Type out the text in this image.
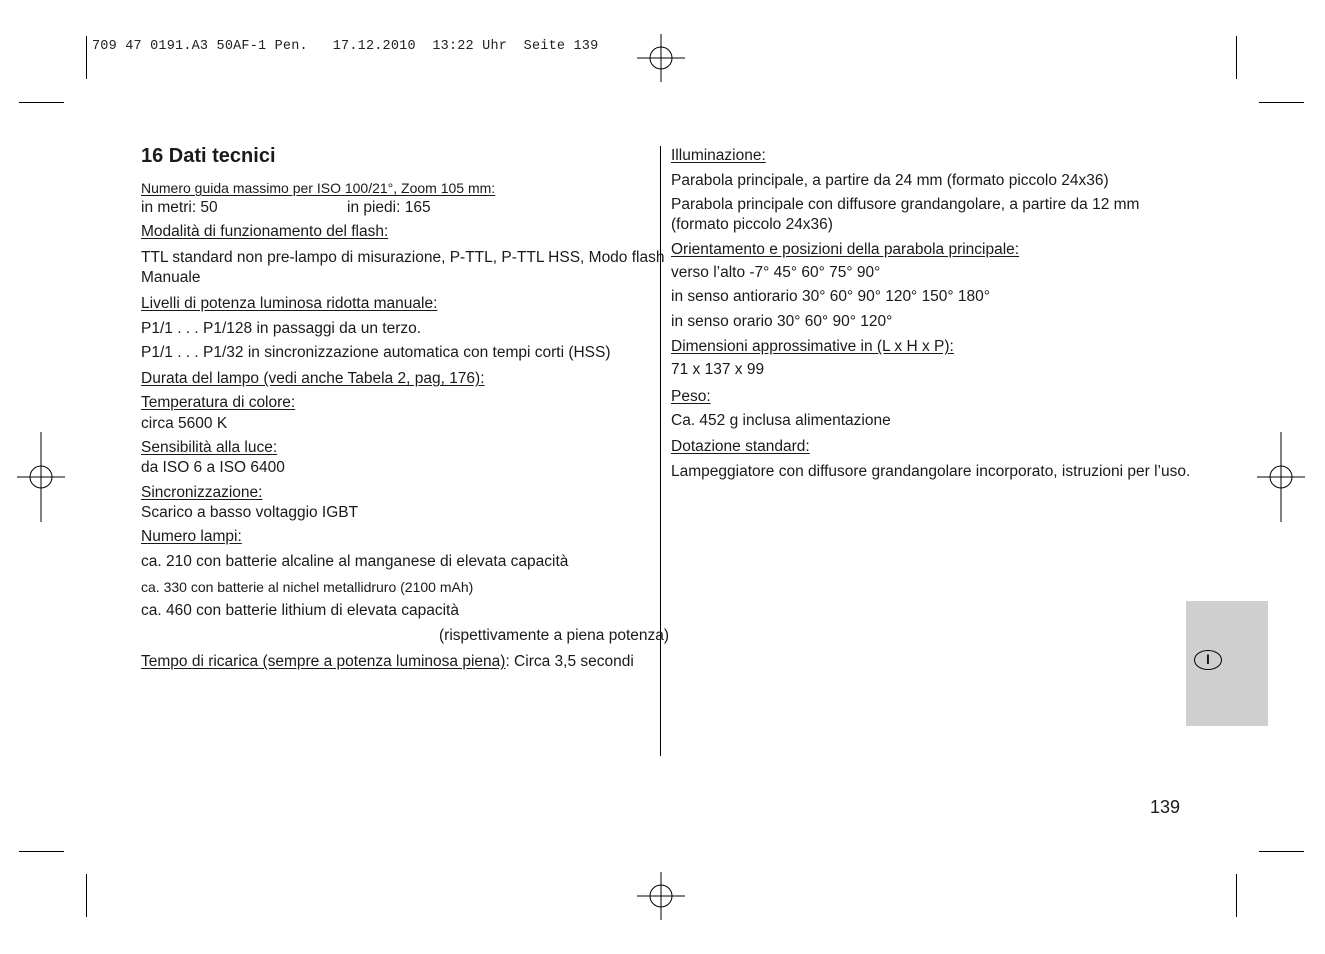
709 47 0191.A3 50AF-1 Pen.   17.12.2010  13:22 Uhr  Seite 139
16 Dati tecnici
Numero guida massimo per ISO 100/21°, Zoom 105 mm:
in metri: 50	in piedi: 165
Modalità di funzionamento del flash:
TTL standard non pre-lampo di misurazione, P-TTL, P-TTL HSS, Modo flash
Manuale
Livelli di potenza luminosa ridotta manuale:
P1/1 . . . P1/128 in passaggi da un terzo.
P1/1 . . . P1/32 in sincronizzazione automatica con tempi corti (HSS)
Durata del lampo (vedi anche Tabela 2, pag, 176):
Temperatura di colore:
circa 5600 K
Sensibilità alla luce:
da ISO 6 a ISO 6400
Sincronizzazione:
Scarico a basso voltaggio IGBT
Numero lampi:
ca. 210 con batterie alcaline al manganese di elevata capacità
ca. 330 con batterie al nichel metallidruro (2100 mAh)
ca. 460 con batterie lithium di elevata capacità
(rispettivamente a piena potenza)
Tempo di ricarica (sempre a potenza luminosa piena): Circa 3,5 secondi
Illuminazione:
Parabola principale, a partire da 24 mm (formato piccolo 24x36)
Parabola principale con diffusore grandangolare, a partire da 12 mm
(formato piccolo 24x36)
Orientamento e posizioni della parabola principale:
verso l’alto -7° 45° 60° 75° 90°
in senso antiorario 30° 60° 90° 120° 150° 180°
in senso orario 30° 60° 90° 120°
Dimensioni approssimative in (L x H x P):
71 x 137 x 99
Peso:
Ca. 452 g inclusa alimentazione
Dotazione standard:
Lampeggiatore con diffusore grandangolare incorporato, istruzioni per l’uso.
I
139
